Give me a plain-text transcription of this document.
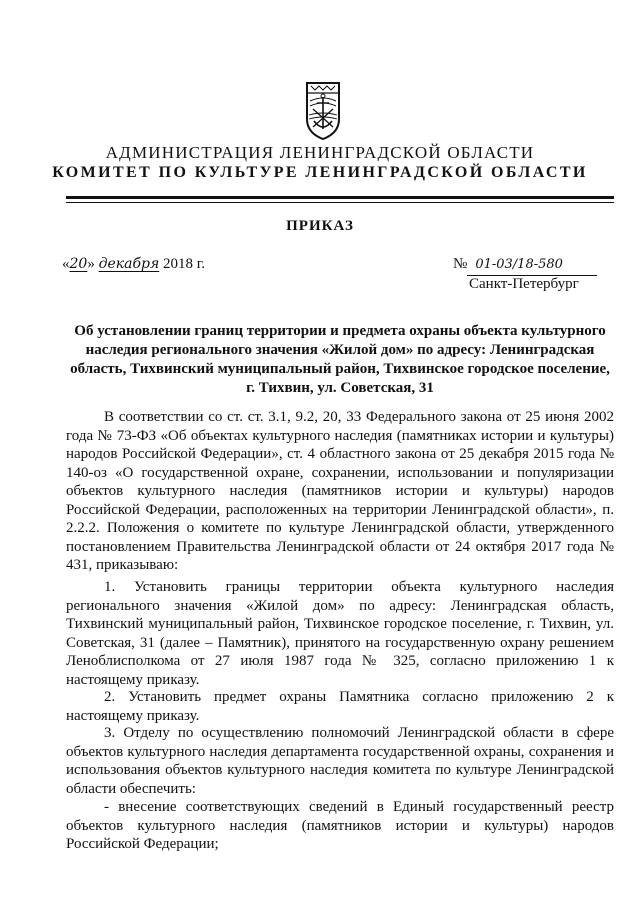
АДМИНИСТРАЦИЯ ЛЕНИНГРАДСКОЙ ОБЛАСТИ
КОМИТЕТ ПО КУЛЬТУРЕ ЛЕНИНГРАДСКОЙ ОБЛАСТИ
ПРИКАЗ
«20» декабря 2018 г.	№ 01-03/18-580
Санкт-Петербург
Об установлении границ территории и предмета охраны объекта культурного наследия регионального значения «Жилой дом» по адресу: Ленинградская область, Тихвинский муниципальный район, Тихвинское городское поселение, г. Тихвин, ул. Советская, 31
В соответствии со ст. ст. 3.1, 9.2, 20, 33 Федерального закона от 25 июня 2002 года № 73-ФЗ «Об объектах культурного наследия (памятниках истории и культуры) народов Российской Федерации», ст. 4 областного закона от 25 декабря 2015 года № 140-оз «О государственной охране, сохранении, использовании и популяризации объектов культурного наследия (памятников истории и культуры) народов Российской Федерации, расположенных на территории Ленинградской области», п. 2.2.2. Положения о комитете по культуре Ленинградской области, утвержденного постановлением Правительства Ленинградской области от 24 октября 2017 года № 431, приказываю:
1. Установить границы территории объекта культурного наследия регионального значения «Жилой дом» по адресу: Ленинградская область, Тихвинский муниципальный район, Тихвинское городское поселение, г. Тихвин, ул. Советская, 31 (далее – Памятник), принятого на государственную охрану решением Леноблисполкома от 27 июля 1987 года № 325, согласно приложению 1 к настоящему приказу.
2. Установить предмет охраны Памятника согласно приложению 2 к настоящему приказу.
3. Отделу по осуществлению полномочий Ленинградской области в сфере объектов культурного наследия департамента государственной охраны, сохранения и использования объектов культурного наследия комитета по культуре Ленинградской области обеспечить:
- внесение соответствующих сведений в Единый государственный реестр объектов культурного наследия (памятников истории и культуры) народов Российской Федерации;
